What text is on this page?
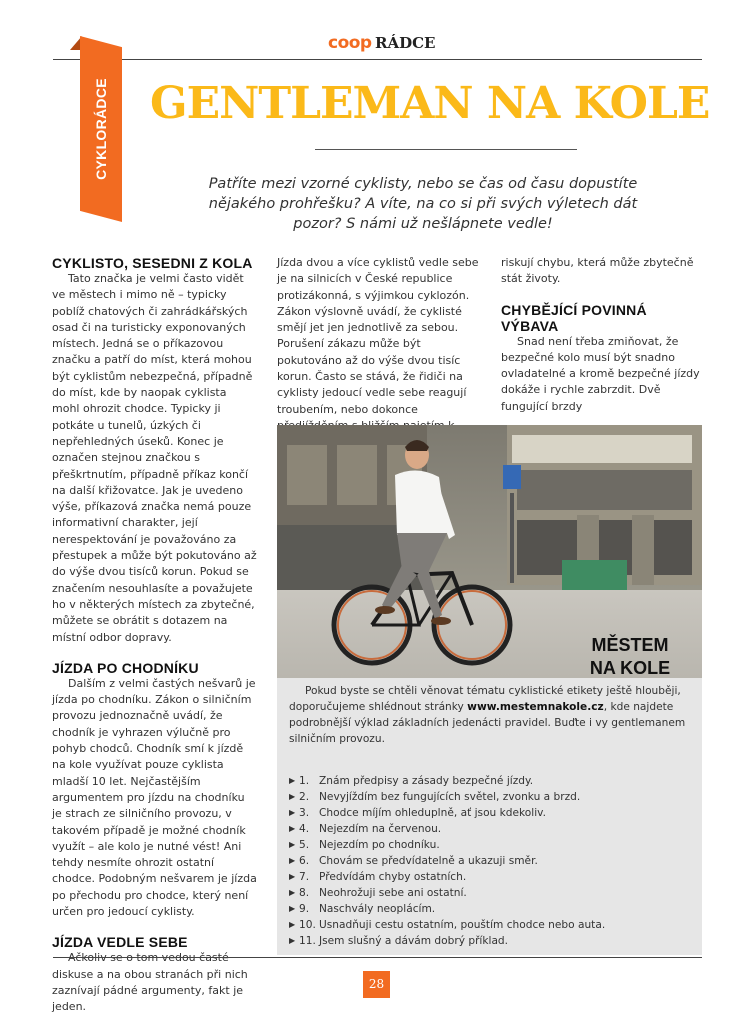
coop RÁDCE
CYKLORÁDCE GENTLEMAN NA KOLE

Patříte mezi vzorné cyklisty, nebo se čas od času dopustíte nějakého prohřešku? A víte, na co si při svých výletech dát pozor? S námi už nešlápnete vedle!

CYKLISTO, SESEDNI Z KOLA

Tato značka je velmi často vidět ve městech i mimo ně – typicky poblíž chatových či zahrádkářských osad či na turisticky exponovaných místech. Jedná se o příkazovou značku a patří do míst, která mohou být cyklistům nebezpečná, případně do míst, kde by naopak cyklista mohl ohrozit chodce. Typicky ji potkáte u tunelů, úzkých či nepřehledných úseků. Konec je označen stejnou značkou s přeškrtnutím, případně příkaz končí na další křižovatce. Jak je uvedeno výše, příkazová značka nemá pouze informativní charakter, její nerespektování je považováno za přestupek a může být pokutováno až do výše dvou tisíců korun. Pokud se značením nesouhlasíte a považujete ho v některých místech za zbytečné, můžete se obrátit s dotazem na místní odbor dopravy.

JÍZDA PO CHODNÍKU

Dalším z velmi častých nešvarů je jízda po chodníku. Zákon o silničním provozu jednoznačně uvádí, že chodník je vyhrazen výlučně pro pohyb chodců. Chodník smí k jízdě na kole využívat pouze cyklista mladší 10 let. Nejčastějším argumentem pro jízdu na chodníku je strach ze silničního provozu, v takovém případě je možné chodník využít – ale kolo je nutné vést! Ani tehdy nesmíte ohrozit ostatní chodce. Podobným nešvarem je jízda po přechodu pro chodce, který není určen pro jedoucí cyklisty.

JÍZDA VEDLE SEBE

diskuse a na obou stranách při nich zaznívají pádné argumenty, fakt je jeden.

Jízda dvou a více cyklistů vedle sebe je na silnicích v České republice protizákonná, s výjimkou cyklozón. Zákon výslovně uvádí, že cyklisté smějí jet jen jednotlivě za sebou. Porušení zákazu může být pokutováno až do výše dvou tisíc korun. Často se stává, že řidiči na cyklisty jedoucí vedle sebe reagují troubením, nebo dokonce

riskují chybu, která může zbytečně stát životy.

CHYBĚJÍCÍ POVINNÁ VÝBAVA

Snad není třeba zmiňovat, že bezpečné kolo musí být snadno ovladatelné a kromě bezpečné jízdy dokáže i rychle zabrzdit. Dvě fungující brzdy

MĚSTEM
NA KOLE

Pokud byste se chtěli věnovat tématu cyklistické etikety ještě hlouběji, doporučujeme shlédnout stránky www.mestemnakole.cz, kde najdete podrobnější výklad základních jedenácti pravidel. Buďte i vy gentlemanem silničním provozu.

▶ 1. Znám předpisy a zásady bezpečné jízdy.
▶ 2. Nevyjíždím bez fungujících světel, zvonku a brzd.
▶ 3. Chodce míjím ohleduplně, ať jsou kdekoliv.
▶ 4. Nejezdím na červenou.
▶ 5. Nejezdím po chodníku.
▶ 6. Chovám se předvídatelně a ukazuji směr.
▶ 7. Předvídám chyby ostatních.
▶ 8. Neohrožuji sebe ani ostatní.
▶ 9. Naschvály neoplácím.
▶ 10. Usnadňuji cestu ostatním, pouštím chodce nebo auta.
▶ 11. Jsem slušný a dávám dobrý příklad.
28
